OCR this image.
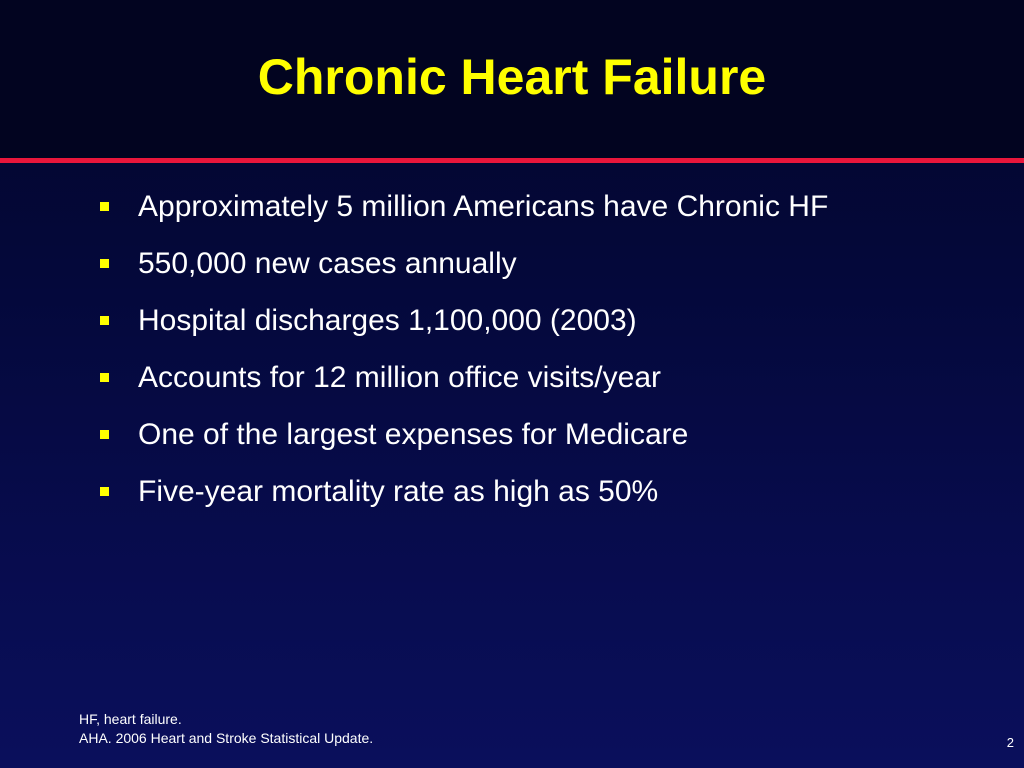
Chronic Heart Failure
Approximately 5 million Americans have Chronic HF
550,000 new cases annually
Hospital discharges 1,100,000 (2003)
Accounts for 12 million office visits/year
One of the largest expenses for Medicare
Five-year mortality rate as high as 50%
HF, heart failure.
AHA. 2006 Heart and Stroke Statistical Update.	2
